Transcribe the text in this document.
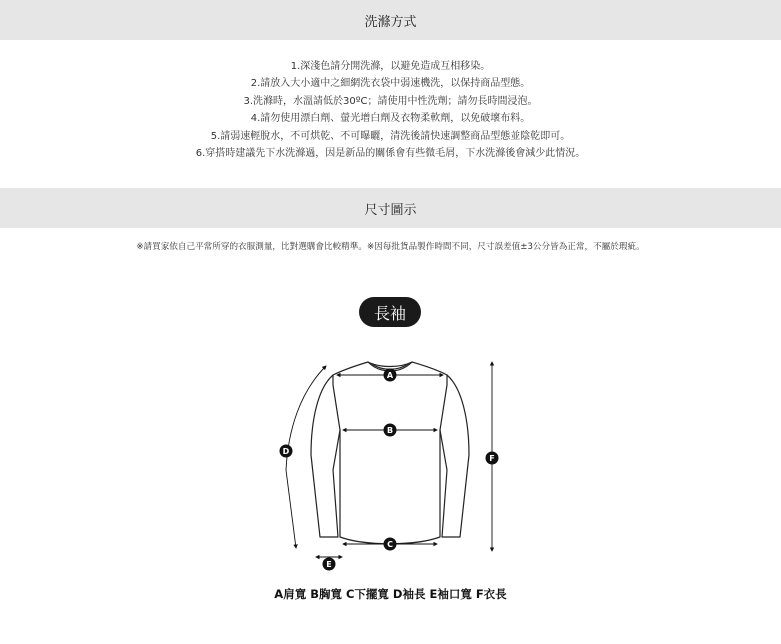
洗滌方式
1.深淺色請分開洗滌，以避免造成互相移染。
2.請放入大小適中之細網洗衣袋中弱速機洗，以保持商品型態。
3.洗滌時，水溫請低於30ºC；請使用中性洗劑；請勿長時間浸泡。
4.請勿使用漂白劑、螢光增白劑及衣物柔軟劑，以免破壞布料。
5.請弱速輕脫水，不可烘乾、不可曝曬，清洗後請快速調整商品型態並陰乾即可。
6.穿搭時建議先下水洗滌過，因是新品的關係會有些微毛屑，下水洗滌後會減少此情況。
尺寸圖示
※請買家依自己平常所穿的衣服測量，比對選購會比較精準。※因每批貨品製作時間不同，尺寸誤差值±3公分皆為正常，不屬於瑕疵。
長袖
A
B
C
D
E
F
A肩寬 B胸寬 C下擺寬 D袖長 E袖口寬 F衣長
